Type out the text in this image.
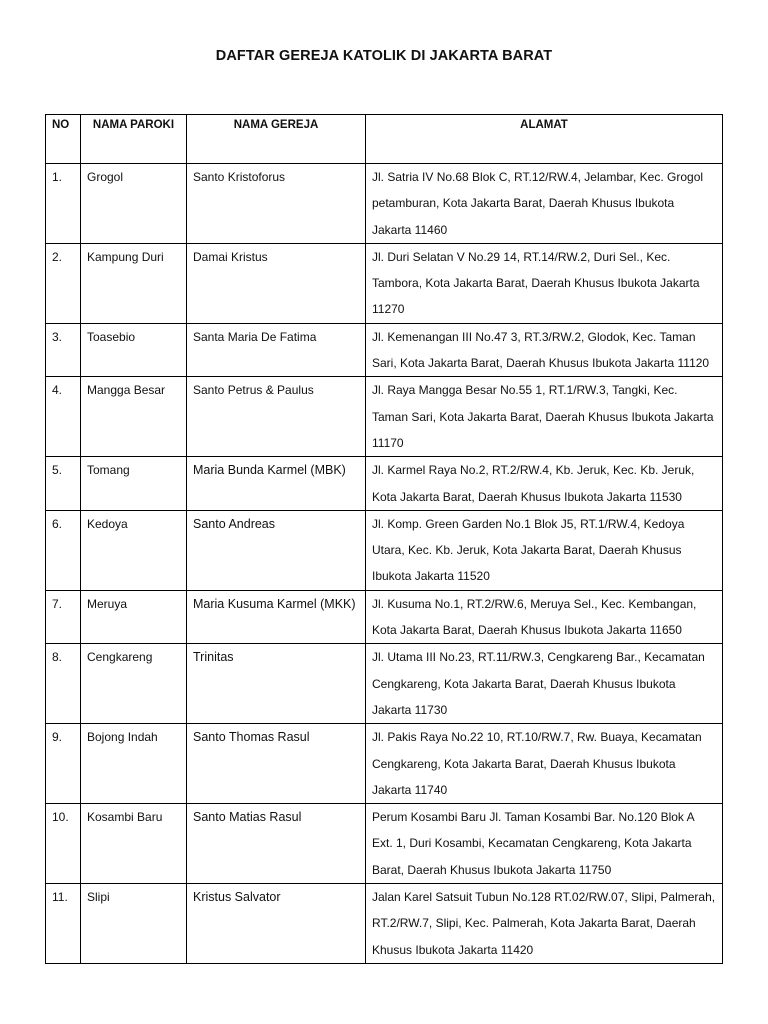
DAFTAR GEREJA KATOLIK DI JAKARTA BARAT
NO	NAMA PAROKI	NAMA GEREJA	ALAMAT
1.	Grogol	Santo Kristoforus	Jl. Satria IV No.68 Blok C, RT.12/RW.4, Jelambar, Kec. Grogol petamburan, Kota Jakarta Barat, Daerah Khusus Ibukota Jakarta 11460
2.	Kampung Duri	Damai Kristus	Jl. Duri Selatan V No.29 14, RT.14/RW.2, Duri Sel., Kec. Tambora, Kota Jakarta Barat, Daerah Khusus Ibukota Jakarta 11270
3.	Toasebio	Santa Maria De Fatima	Jl. Kemenangan III No.47 3, RT.3/RW.2, Glodok, Kec. Taman Sari, Kota Jakarta Barat, Daerah Khusus Ibukota Jakarta 11120
4.	Mangga Besar	Santo Petrus & Paulus	Jl. Raya Mangga Besar No.55 1, RT.1/RW.3, Tangki, Kec. Taman Sari, Kota Jakarta Barat, Daerah Khusus Ibukota Jakarta 11170
5.	Tomang	Maria Bunda Karmel (MBK)	Jl. Karmel Raya No.2, RT.2/RW.4, Kb. Jeruk, Kec. Kb. Jeruk, Kota Jakarta Barat, Daerah Khusus Ibukota Jakarta 11530
6.	Kedoya	Santo Andreas	Jl. Komp. Green Garden No.1 Blok J5, RT.1/RW.4, Kedoya Utara, Kec. Kb. Jeruk, Kota Jakarta Barat, Daerah Khusus Ibukota Jakarta 11520
7.	Meruya	Maria Kusuma Karmel (MKK)	Jl. Kusuma No.1, RT.2/RW.6, Meruya Sel., Kec. Kembangan, Kota Jakarta Barat, Daerah Khusus Ibukota Jakarta 11650
8.	Cengkareng	Trinitas	Jl. Utama III No.23, RT.11/RW.3, Cengkareng Bar., Kecamatan Cengkareng, Kota Jakarta Barat, Daerah Khusus Ibukota Jakarta 11730
9.	Bojong Indah	Santo Thomas Rasul	Jl. Pakis Raya No.22 10, RT.10/RW.7, Rw. Buaya, Kecamatan Cengkareng, Kota Jakarta Barat, Daerah Khusus Ibukota Jakarta 11740
10.	Kosambi Baru	Santo Matias Rasul	Perum Kosambi Baru Jl. Taman Kosambi Bar. No.120 Blok A Ext. 1, Duri Kosambi, Kecamatan Cengkareng, Kota Jakarta Barat, Daerah Khusus Ibukota Jakarta 11750
11.	Slipi	Kristus Salvator	Jalan Karel Satsuit Tubun No.128 RT.02/RW.07, Slipi, Palmerah, RT.2/RW.7, Slipi, Kec. Palmerah, Kota Jakarta Barat, Daerah Khusus Ibukota Jakarta 11420
